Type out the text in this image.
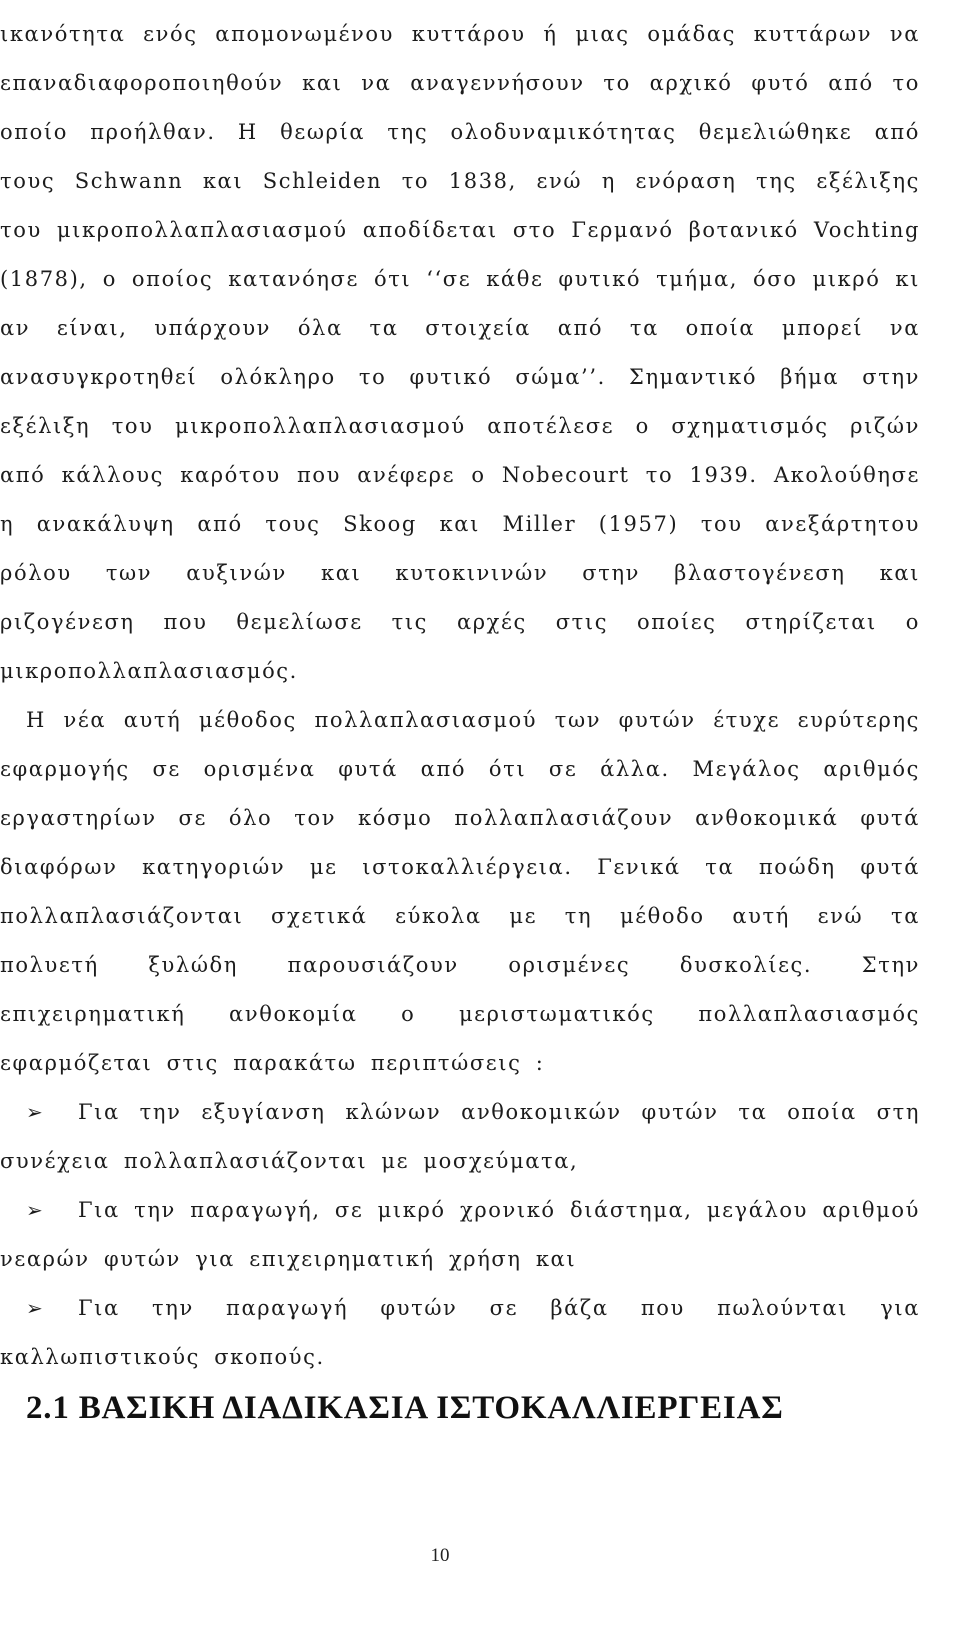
ικανότητα ενός απομονωμένου κυττάρου ή μιας ομάδας κυττάρων να επαναδιαφοροποιηθούν και να αναγεννήσουν το αρχικό φυτό από το οποίο προήλθαν. Η θεωρία της ολοδυναμικότητας θεμελιώθηκε από τους Schwann και Schleiden το 1838, ενώ η ενόραση της εξέλιξης του μικροπολλαπλασιασμού αποδίδεται στο Γερμανό βοτανικό Vochting (1878), ο οποίος κατανόησε ότι ‘‘σε κάθε φυτικό τμήμα, όσο μικρό κι αν είναι, υπάρχουν όλα τα στοιχεία από τα οποία μπορεί να ανασυγκροτηθεί ολόκληρο το φυτικό σώμα’’. Σημαντικό βήμα στην εξέλιξη του μικροπολλαπλασιασμού αποτέλεσε ο σχηματισμός ριζών από κάλλους καρότου που ανέφερε ο Nobecourt το 1939. Ακολούθησε η ανακάλυψη από τους Skoog και Miller (1957) του ανεξάρτητου ρόλου των αυξινών και κυτοκινινών στην βλαστογένεση και ριζογένεση που θεμελίωσε τις αρχές στις οποίες στηρίζεται ο μικροπολλαπλασιασμός.

Η νέα αυτή μέθοδος πολλαπλασιασμού των φυτών έτυχε ευρύτερης εφαρμογής σε ορισμένα φυτά από ότι σε άλλα. Μεγάλος αριθμός εργαστηρίων σε όλο τον κόσμο πολλαπλασιάζουν ανθοκομικά φυτά διαφόρων κατηγοριών με ιστοκαλλιέργεια. Γενικά τα ποώδη φυτά πολλαπλασιάζονται σχετικά εύκολα με τη μέθοδο αυτή ενώ τα πολυετή ξυλώδη παρουσιάζουν ορισμένες δυσκολίες. Στην επιχειρηματική ανθοκομία ο μεριστωματικός πολλαπλασιασμός εφαρμόζεται στις παρακάτω περιπτώσεις :

➢ Για την εξυγίανση κλώνων ανθοκομικών φυτών τα οποία στη συνέχεια πολλαπλασιάζονται με μοσχεύματα,
➢ Για την παραγωγή, σε μικρό χρονικό διάστημα, μεγάλου αριθμού νεαρών φυτών για επιχειρηματική χρήση και
➢ Για την παραγωγή φυτών σε βάζα που πωλούνται για καλλωπιστικούς σκοπούς.
2.1 ΒΑΣΙΚΗ ΔΙΑΔΙΚΑΣΙΑ ΙΣΤΟΚΑΛΛΙΕΡΓΕΙΑΣ
10
